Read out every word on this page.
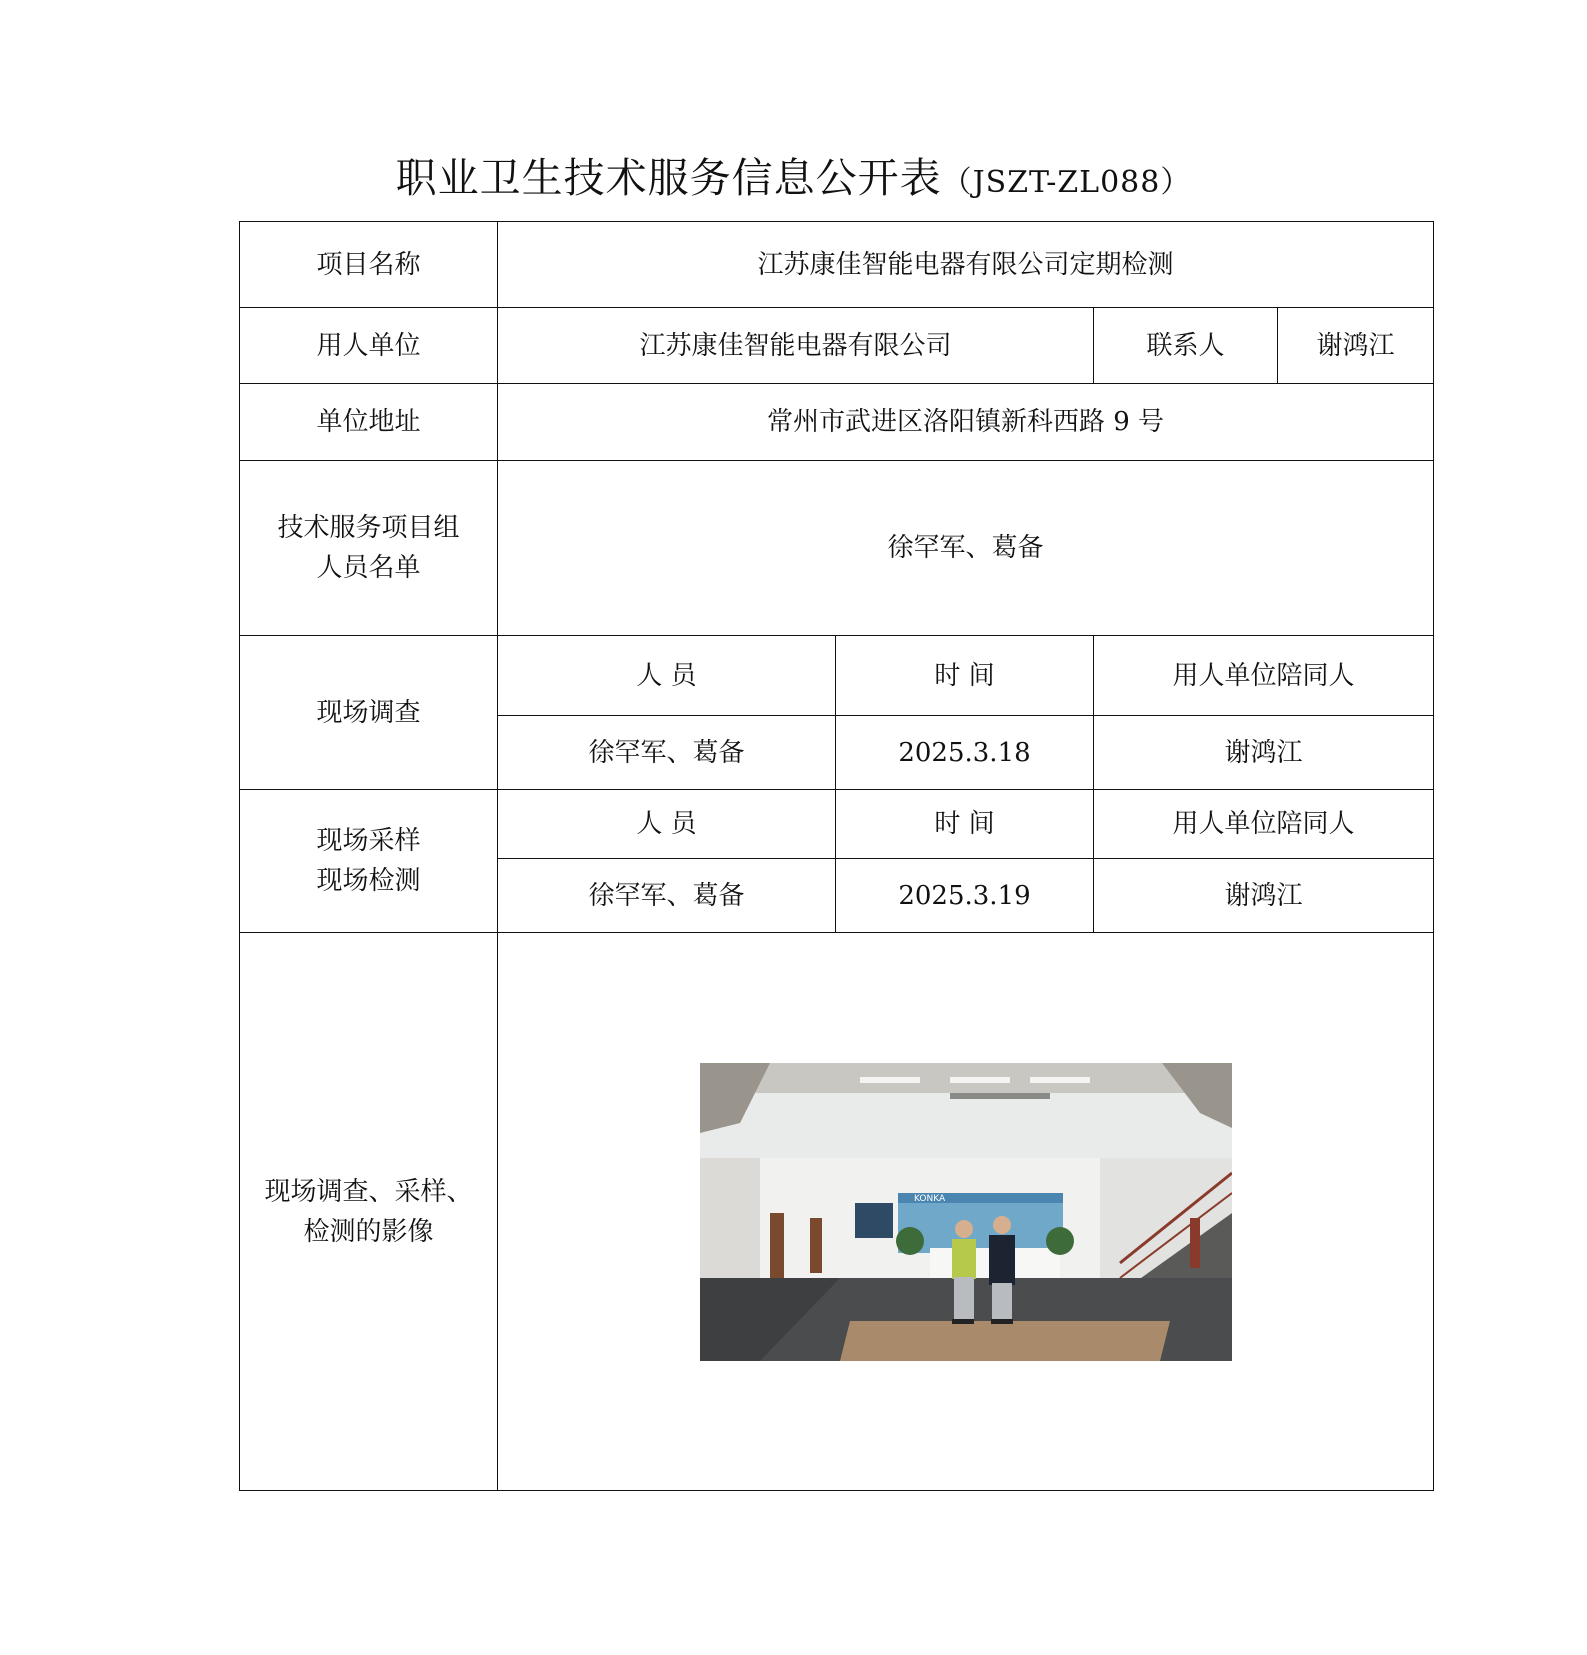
职业卫生技术服务信息公开表（JSZT-ZL088）
项目名称	江苏康佳智能电器有限公司定期检测			
用人单位	江苏康佳智能电器有限公司		联系人	谢鸿江
单位地址	常州市武进区洛阳镇新科西路 9 号			

技术服务项目组
人员名单	徐罕军、葛备			
现场调查	人 员	时 间	用人单位陪同人	
	徐罕军、葛备	2025.3.18	谢鸿江	

现场采样
现场检测	人 员	时 间	用人单位陪同人	
	徐罕军、葛备	2025.3.19	谢鸿江	

现场调查、采样、
检测的影像	KONKA			
